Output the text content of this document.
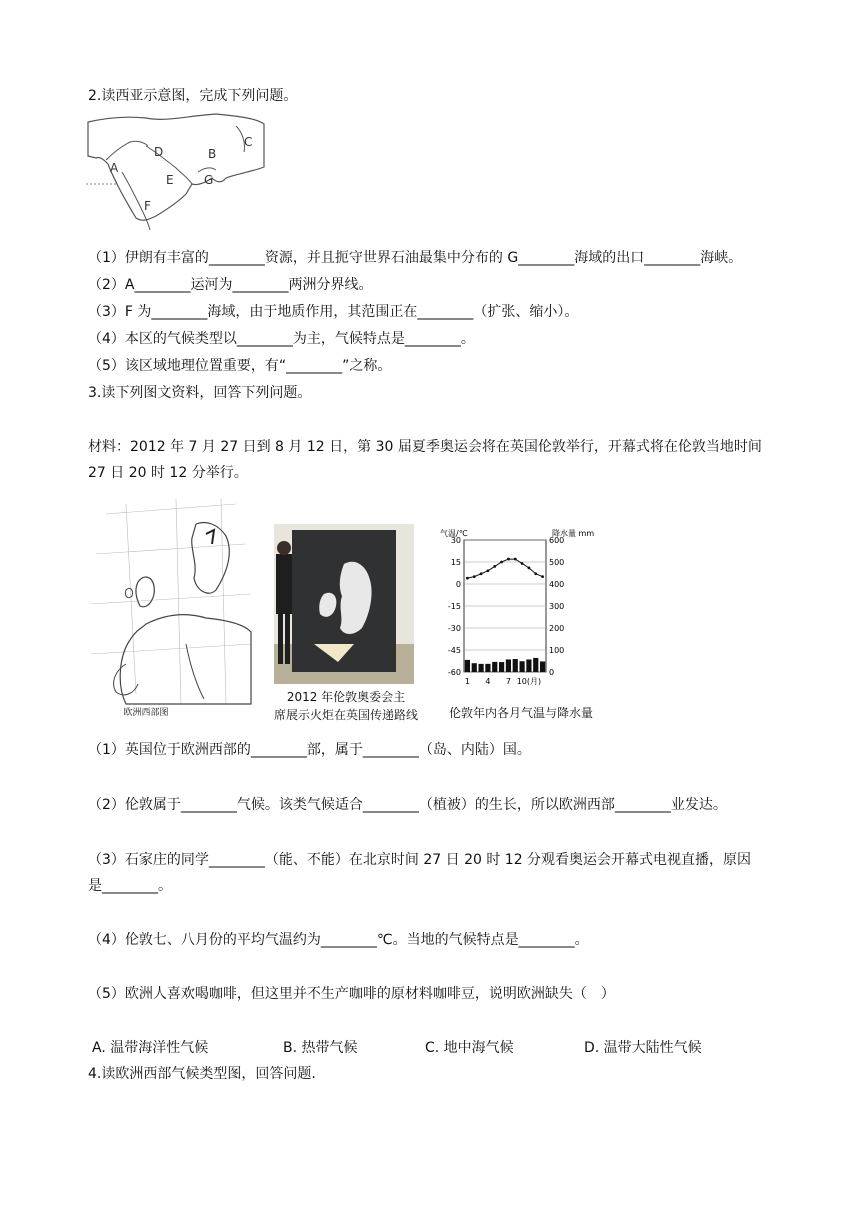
2.读西亚示意图，完成下列问题。
A
B
C
D
E
F
G
（1）伊朗有丰富的________资源，并且扼守世界石油最集中分布的 G________海域的出口________海峡。
（2）A________运河为________两洲分界线。
（3）F 为________海域，由于地质作用，其范围正在________（扩张、缩小）。
（4）本区的气候类型以________为主，气候特点是________。
（5）该区域地理位置重要，有“________”之称。
3.读下列图文资料，回答下列问题。
材料：2012 年 7 月 27 日到 8 月 12 日，第 30 届夏季奥运会将在英国伦敦举行，开幕式将在伦敦当地时间
27 日 20 时 12 分举行。
欧洲西部图
2012 年伦敦奥委会主
席展示火炬在英国传递路线
气温/℃	降水量 mm
30	600
15	500
0	400
-15	300
-30	200
-45	100
-60	0
1 4 7 10(月)
伦敦年内各月气温与降水量
（1）英国位于欧洲西部的________部，属于________（岛、内陆）国。
（2）伦敦属于________气候。该类气候适合________（植被）的生长，所以欧洲西部________业发达。
（3）石家庄的同学________（能、不能）在北京时间 27 日 20 时 12 分观看奥运会开幕式电视直播，原因
是________。
（4）伦敦七、八月份的平均气温约为________℃。当地的气候特点是________。
（5）欧洲人喜欢喝咖啡，但这里并不生产咖啡的原材料咖啡豆，说明欧洲缺失（　）
A. 温带海洋性气候	B. 热带气候	C. 地中海气候	D. 温带大陆性气候
4.读欧洲西部气候类型图，回答问题.
